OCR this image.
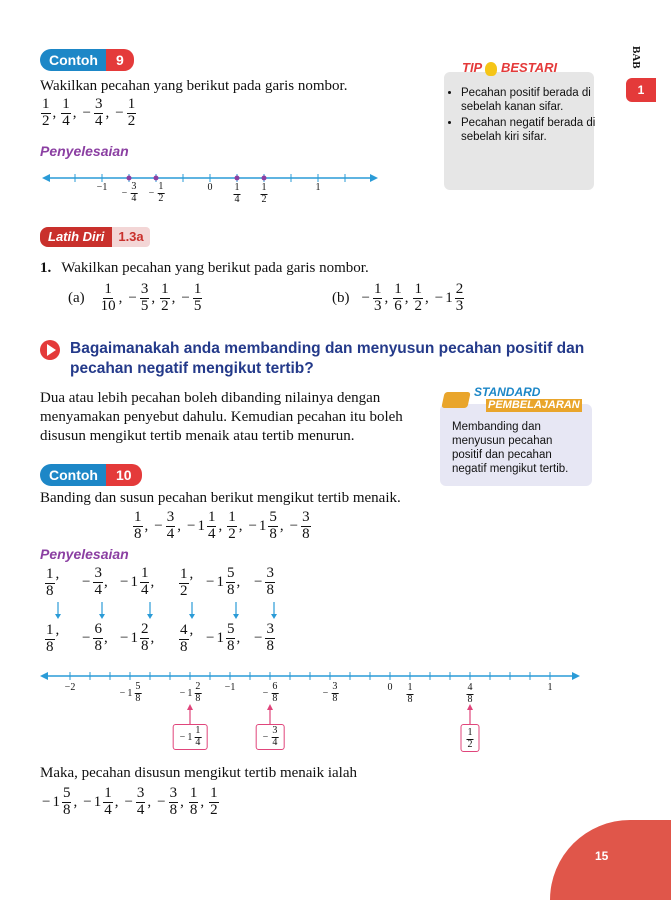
BAB
1
Contoh	9
Wakilkan pecahan yang berikut pada garis nombor.
$\frac{1}{2}$ , $\frac{1}{4}$ , − $\frac{3}{4}$ , − $\frac{1}{2}$
Penyelesaian
$-1 - \frac{3}{4} - \frac{1}{2}$	$0 \frac{1}{4} \frac{1}{2}$	1
TIP BESTARI
• Pecahan positif berada di sebelah kanan sifar.
• Pecahan negatif berada di sebelah kiri sifar.
Latih Diri	1.3a
1. Wakilkan pecahan yang berikut pada garis nombor.
$(a) \frac{1}{10}$ , − $\frac{3}{5}$ , $\frac{1}{2}$ , − $\frac{1}{5}$	$(b) - \frac{1}{3}$ , $\frac{1}{6}$ , $\frac{1}{2}$ , − $1 \frac{2}{3}$
Bagaimanakah anda membanding dan menyusun pecahan positif dan
pecahan negatif mengikut tertib?
Dua atau lebih pecahan boleh dibanding nilainya dengan
menyamakan penyebut dahulu. Kemudian pecahan itu boleh
disusun mengikut tertib menaik atau tertib menurun.
STANDARD
PEMBELAJARAN
Membanding dan
menyusun pecahan
positif dan pecahan
negatif mengikut tertib.
Contoh	10
Banding dan susun pecahan berikut mengikut tertib menaik.
$\frac{1}{8}$ , − $\frac{3}{4}$ , − $1 \frac{1}{4}$ , $\frac{1}{2}$ , − $1 \frac{5}{8}$ , − $\frac{3}{8}$
Penyelesaian
$\frac{1}{8}$ , − $\frac{3}{4}$ , − $1 \frac{1}{4}$ , $\frac{1}{2}$ , − $1 \frac{5}{8}$ , − $\frac{3}{8}$
$\frac{1}{8}$ , − $\frac{6}{8}$ , − $1 \frac{2}{8}$ , $\frac{4}{8}$ , − $1 \frac{5}{8}$ , − $\frac{3}{8}$
−2	− $1 \frac{5}{8}$	− $1 \frac{2}{8} -1$	− $\frac{6}{8}$	− $\frac{3}{8}$	$0 \frac{1}{8}$	$\frac{4}{8}$	1
− $1 \frac{1}{4}$	− $\frac{3}{4}$	$\frac{1}{2}$
Maka, pecahan disusun mengikut tertib menaik ialah
− $1 \frac{5}{8}$ , − $1 \frac{1}{4}$ , − $\frac{3}{4}$ , − $\frac{3}{8}$ , $\frac{1}{8}$ , $\frac{1}{2}$
15
